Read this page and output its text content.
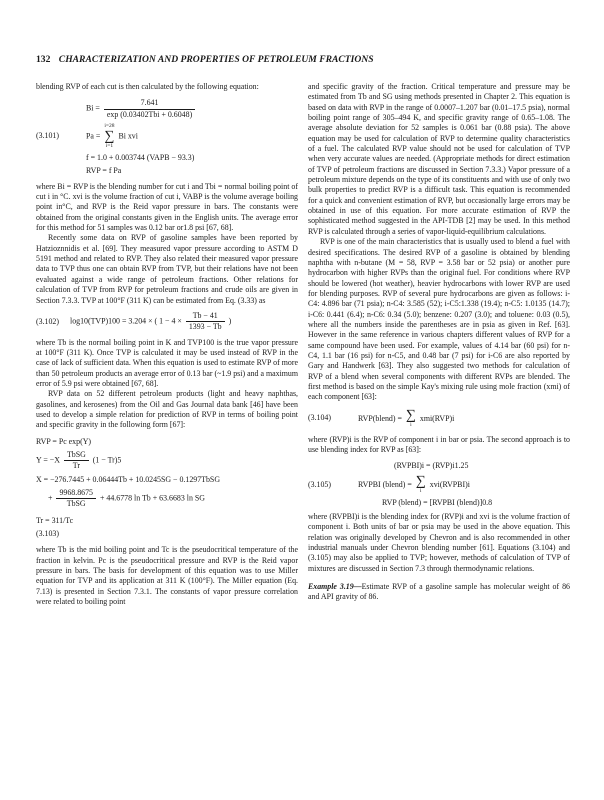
132 CHARACTERIZATION AND PROPERTIES OF PETROLEUM FRACTIONS

blending RVP of each cut is then calculated by the following equation:

$Bi = \frac{7.641}{\text{exp (0.03402Tbi + 0.6048)}}$
(3.101)	Pa =
i=28
∑
i=1
Bi xvi
f = 1.0 + 0.003744 (VAPB − 93.3)
RVP = f Pa

where Bi = RVP is the blending number for cut i and Tbi = normal boiling point of cut i in °C. xvi is the volume fraction of cut i, VABP is the volume average boiling point in°C, and RVP is the Reid vapor pressure in bars. The constants were obtained from the original constants given in the English units. The average error for this method for 51 samples was 0.12 bar or1.8 psi [67, 68].

Recently some data on RVP of gasoline samples have been reported by Hatzioznnidis et al. [69]. They measured vapor pressure according to ASTM D 5191 method and related to RVP. They also related their measured vapor pressure data to TVP thus one can obtain RVP from TVP, but their relations have not been evaluated against a wide range of petroleum fractions. Other relations for calculation of TVP from RVP for petroleum fractions and crude oils are given in Section 7.3.3. TVP at 100°F (311 K) can be estimated from Eq. (3.33) as

(3.102) log10(TVP)100 = 3.204 × ( $1 - 4 \times \frac{Tb - 41}{1393 - Tb}$ )

where Tb is the normal boiling point in K and TVP100 is the true vapor pressure at 100°F (311 K). Once TVP is calculated it may be used instead of RVP in the case of lack of sufficient data. When this equation is used to estimate RVP of more than 50 petroleum products an average error of 0.13 bar (~1.9 psi) and a maximum error of 5.9 psi were obtained [67, 68].

RVP data on 52 different petroleum products (light and heavy naphthas, gasolines, and kerosenes) from the Oil and Gas Journal data bank [46] have been used to develop a simple relation for prediction of RVP in terms of boiling point and specific gravity in the following form [67]:

RVP = Pc exp(Y)
$Y = -X \frac{\text{TbSG}}{Tr} (1 - Tr)5$
X = −276.7445 + 0.06444Tb + 10.0245SG − 0.1297TbSG
+ $\frac{9968.8675}{\text{TbSG}} + 44.6778$ ln Tb + 63.6683 ln SG
Tr = 311/Tc
(3.103)

where Tb is the mid boiling point and Tc is the pseudocritical temperature of the fraction in kelvin. Pc is the pseudocritical pressure and RVP is the Reid vapor pressure in bars. The basis for development of this equation was to use Miller equation for TVP and its application at 311 K (100°F). The Miller equation (Eq. 7.13) is presented in Section 7.3.1. The constants of vapor pressure correlation were related to boiling point

and specific gravity of the fraction. Critical temperature and pressure may be estimated from Tb and SG using methods presented in Chapter 2. This equation is based on data with RVP in the range of 0.0007–1.207 bar (0.01–17.5 psia), normal boiling point range of 305–494 K, and specific gravity range of 0.65–1.08. The average absolute deviation for 52 samples is 0.061 bar (0.88 psia). The above equation may be used for calculation of RVP to determine quality characteristics of a fuel. The calculated RVP value should not be used for calculation of TVP when very accurate values are needed. (Appropriate methods for direct estimation of TVP of petroleum fractions are discussed in Section 7.3.3.) Vapor pressure of a petroleum mixture depends on the type of its constituents and with use of only two bulk properties to predict RVP is a difficult task. This equation is recommended for a quick and convenient estimation of RVP, but occasionally large errors may be obtained in use of this equation. For more accurate estimation of RVP the sophisticated method suggested in the API-TDB [2] may be used. In this method RVP is calculated through a series of vapor-liquid-equilibrium calculations.

RVP is one of the main characteristics that is usually used to blend a fuel with desired specifications. The desired RVP of a gasoline is obtained by blending naphtha with n-butane (M = 58, RVP = 3.58 bar or 52 psia) or another pure hydrocarbon with higher RVPs than the original fuel. For conditions where RVP should be lowered (hot weather), heavier hydrocarbons with lower RVP are used for blending purposes. RVP of several pure hydrocarbons are given as follows: i-C4: 4.896 bar (71 psia); n-C4: 3.585 (52); i-C5:1.338 (19.4); n-C5: 1.0135 (14.7); i-C6: 0.441 (6.4); n-C6: 0.34 (5.0); benzene: 0.207 (3.0); and toluene: 0.03 (0.5), where all the numbers inside the parentheses are in psia as given in Ref. [63]. However in the same reference in various chapters different values of RVP for a same compound have been used. For example, values of 4.14 bar (60 psi) for n-C4, 1.1 bar (16 psi) for n-C5, and 0.48 bar (7 psi) for i-C6 are also reported by Gary and Handwerk [63]. They also suggested two methods for calculation of RVP of a blend when several components with different RVPs are blended. The first method is based on the simple Kay's mixing rule using mole fraction (xmi) of each component [63]:

(3.104)	RVP(blend) = ∑
i
xmi(RVP)i

where (RVP)i is the RVP of component i in bar or psia. The second approach is to use blending index for RVP as [63]:

(RVPBI)i = (RVP)i1.25
(3.105)	RVPBI (blend) = ∑
i
xvi(RVPBI)i
RVP (blend) = [RVPBI (blend)]0.8

where (RVPBI)i is the blending index for (RVP)i and xvi is the volume fraction of component i. Both units of bar or psia may be used in the above equation. This relation was originally developed by Chevron and is also recommended in other industrial manuals under Chevron blending number [61]. Equations (3.104) and (3.105) may also be applied to TVP; however, methods of calculation of TVP of mixtures are discussed in Section 7.3 through thermodynamic relations.

Example 3.19—Estimate RVP of a gasoline sample has molecular weight of 86 and API gravity of 86.
